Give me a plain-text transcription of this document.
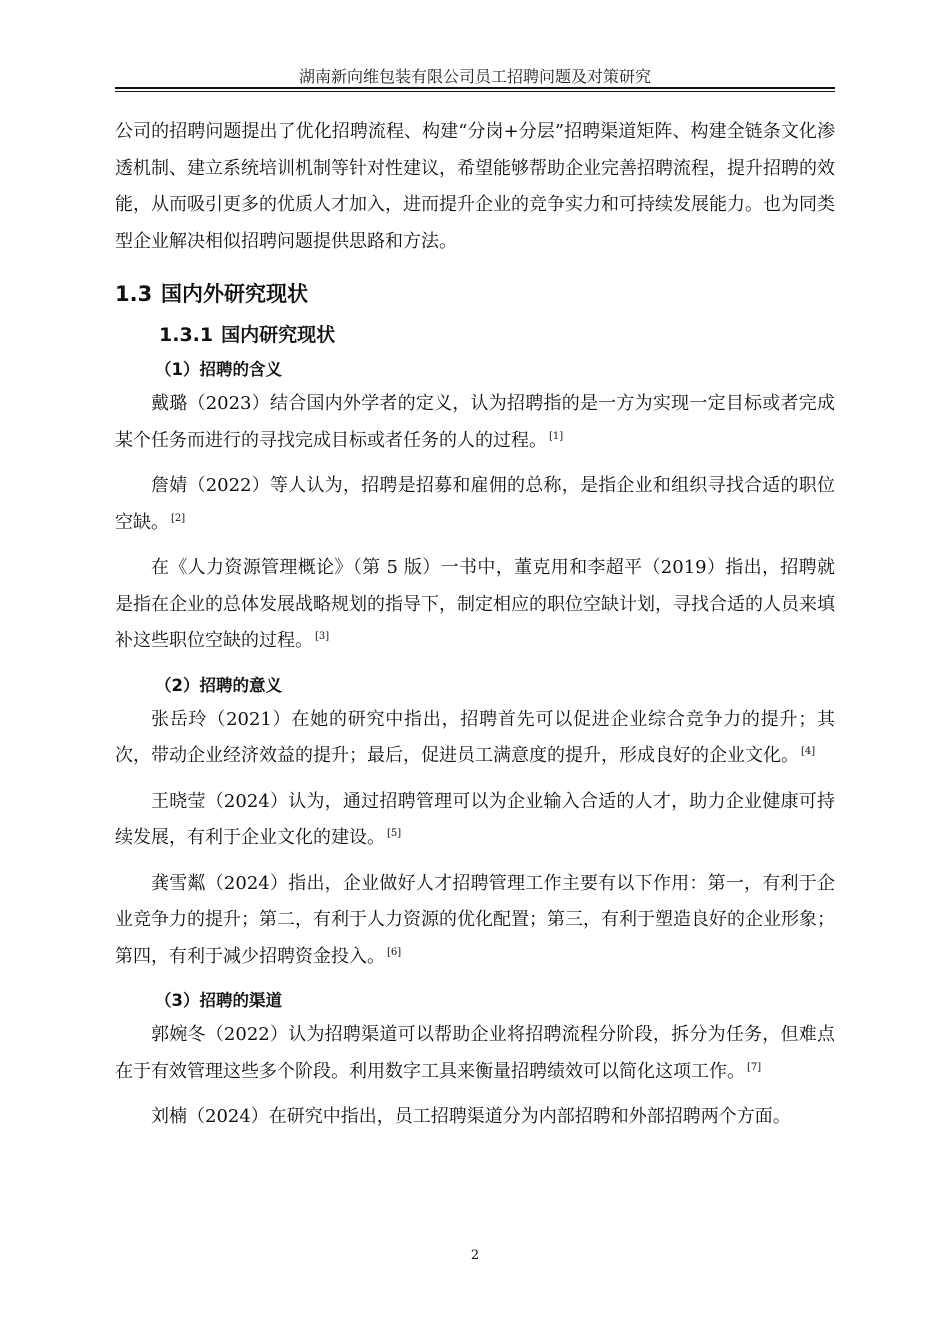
湖南新向维包装有限公司员工招聘问题及对策研究

公司的招聘问题提出了优化招聘流程、构建“分岗+分层”招聘渠道矩阵、构建全链条文化渗透机制、建立系统培训机制等针对性建议，希望能够帮助企业完善招聘流程，提升招聘的效能，从而吸引更多的优质人才加入，进而提升企业的竞争实力和可持续发展能力。也为同类型企业解决相似招聘问题提供思路和方法。

1.3 国内外研究现状
1.3.1 国内研究现状
（1）招聘的含义

戴璐（2023）结合国内外学者的定义，认为招聘指的是一方为实现一定目标或者完成某个任务而进行的寻找完成目标或者任务的人的过程。 [1]

詹婧（2022）等人认为，招聘是招募和雇佣的总称，是指企业和组织寻找合适的职位空缺。 [2]

在《人力资源管理概论》（第 5 版）一书中，董克用和李超平（2019）指出，招聘就是指在企业的总体发展战略规划的指导下，制定相应的职位空缺计划，寻找合适的人员来填补这些职位空缺的过程。 [3]

（2）招聘的意义

张岳玲（2021）在她的研究中指出，招聘首先可以促进企业综合竞争力的提升；其次，带动企业经济效益的提升；最后，促进员工满意度的提升，形成良好的企业文化。 [4]

王晓莹（2024）认为，通过招聘管理可以为企业输入合适的人才，助力企业健康可持续发展，有利于企业文化的建设。 [5]

龚雪粼（2024）指出，企业做好人才招聘管理工作主要有以下作用：第一，有利于企业竞争力的提升；第二，有利于人力资源的优化配置；第三，有利于塑造良好的企业形象；第四，有利于减少招聘资金投入。 [6]

（3）招聘的渠道

郭婉冬（2022）认为招聘渠道可以帮助企业将招聘流程分阶段，拆分为任务，但难点在于有效管理这些多个阶段。利用数字工具来衡量招聘绩效可以简化这项工作。 [7]

刘楠（2024）在研究中指出，员工招聘渠道分为内部招聘和外部招聘两个方面。

2
